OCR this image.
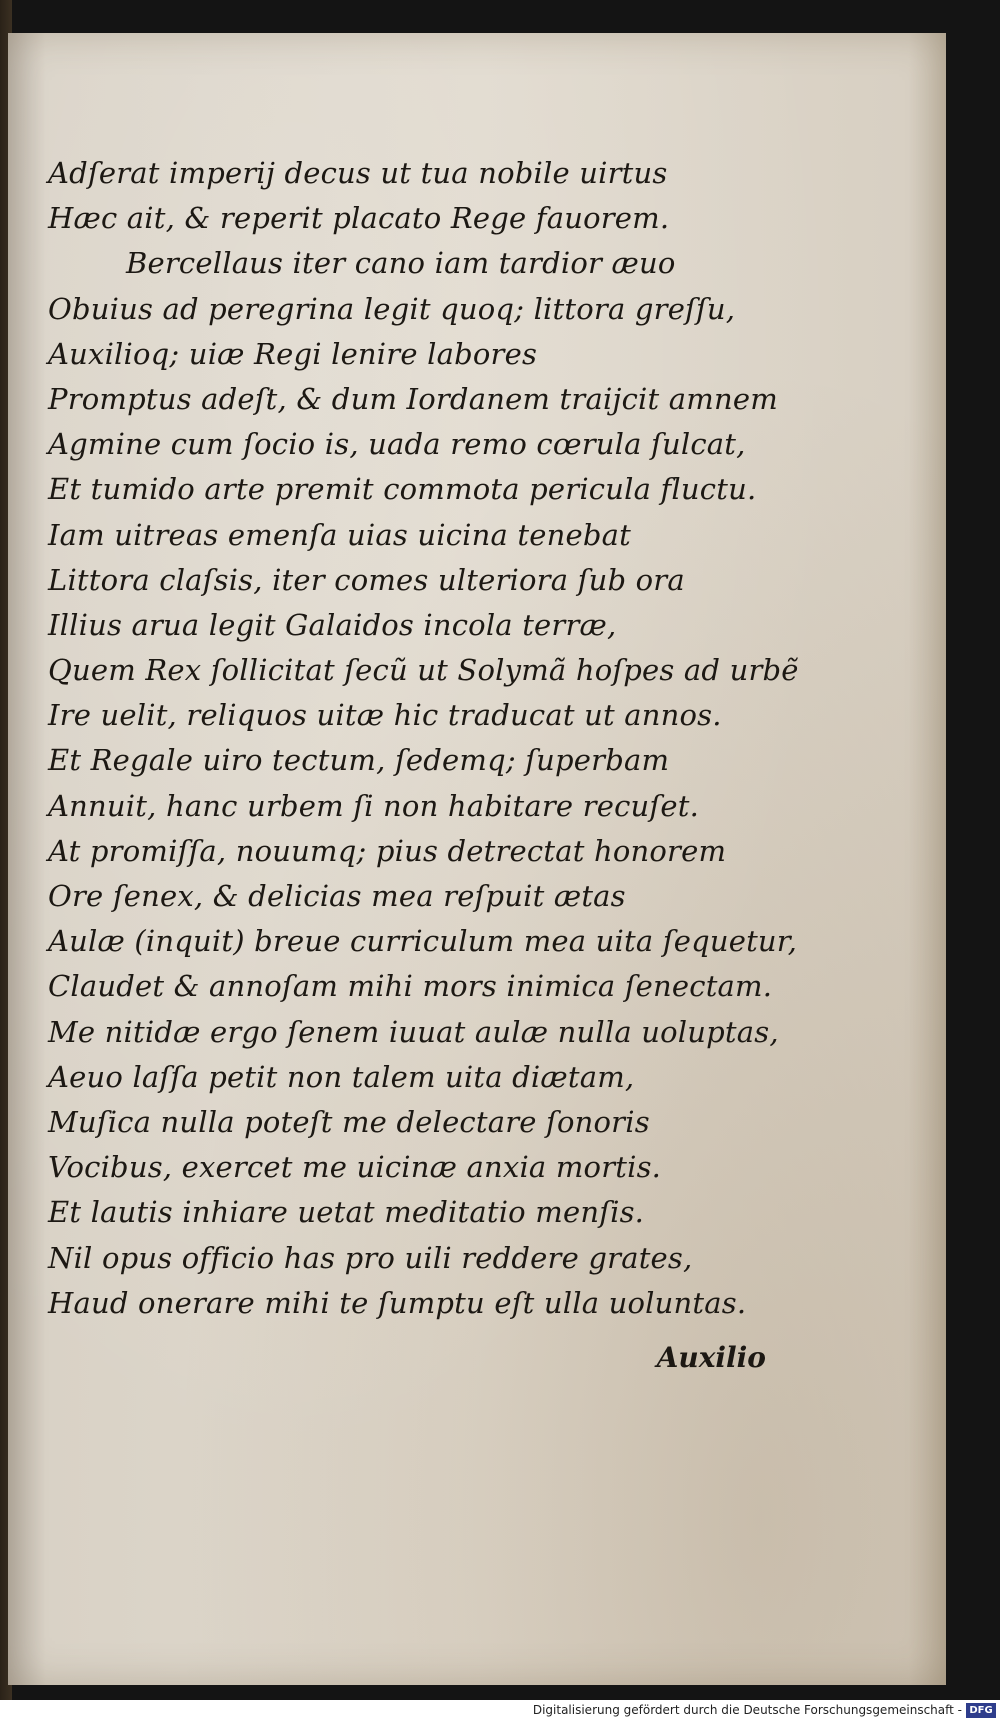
Adſerat imperij decus ut tua nobile uirtus
Hæc ait, & reperit placato Rege fauorem.
Bercellaus iter cano iam tardior æuo
Obuius ad peregrina legit quoq; littora greſſu,
Auxilioq; uiæ Regi lenire labores
Promptus adeſt, & dum Iordanem traijcit amnem
Agmine cum ſocio is, uada remo cœrula ſulcat,
Et tumido arte premit commota pericula fluctu.
Iam uitreas emenſa uias uicina tenebat
Littora claſsis, iter comes ulteriora ſub ora
Illius arua legit Galaidos incola terræ,
Quem Rex ſollicitat ſecũ ut Solymã hoſpes ad urbẽ
Ire uelit, reliquos uitæ hic traducat ut annos.
Et Regale uiro tectum, ſedemq; ſuperbam
Annuit, hanc urbem ſi non habitare recuſet.
At promiſſa, nouumq; pius detrectat honorem
Ore ſenex, & delicias mea reſpuit ætas
Aulæ (inquit) breue curriculum mea uita ſequetur,
Claudet & annoſam mihi mors inimica ſenectam.
Me nitidæ ergo ſenem iuuat aulæ nulla uoluptas,
Aeuo laſſa petit non talem uita diætam,
Muſica nulla poteſt me delectare ſonoris
Vocibus, exercet me uicinæ anxia mortis.
Et lautis inhiare uetat meditatio menſis.
Nil opus officio has pro uili reddere grates,
Haud onerare mihi te ſumptu eſt ulla uoluntas.
Auxilio
Digitalisierung gefördert durch die Deutsche Forschungsgemeinschaft - DFG
